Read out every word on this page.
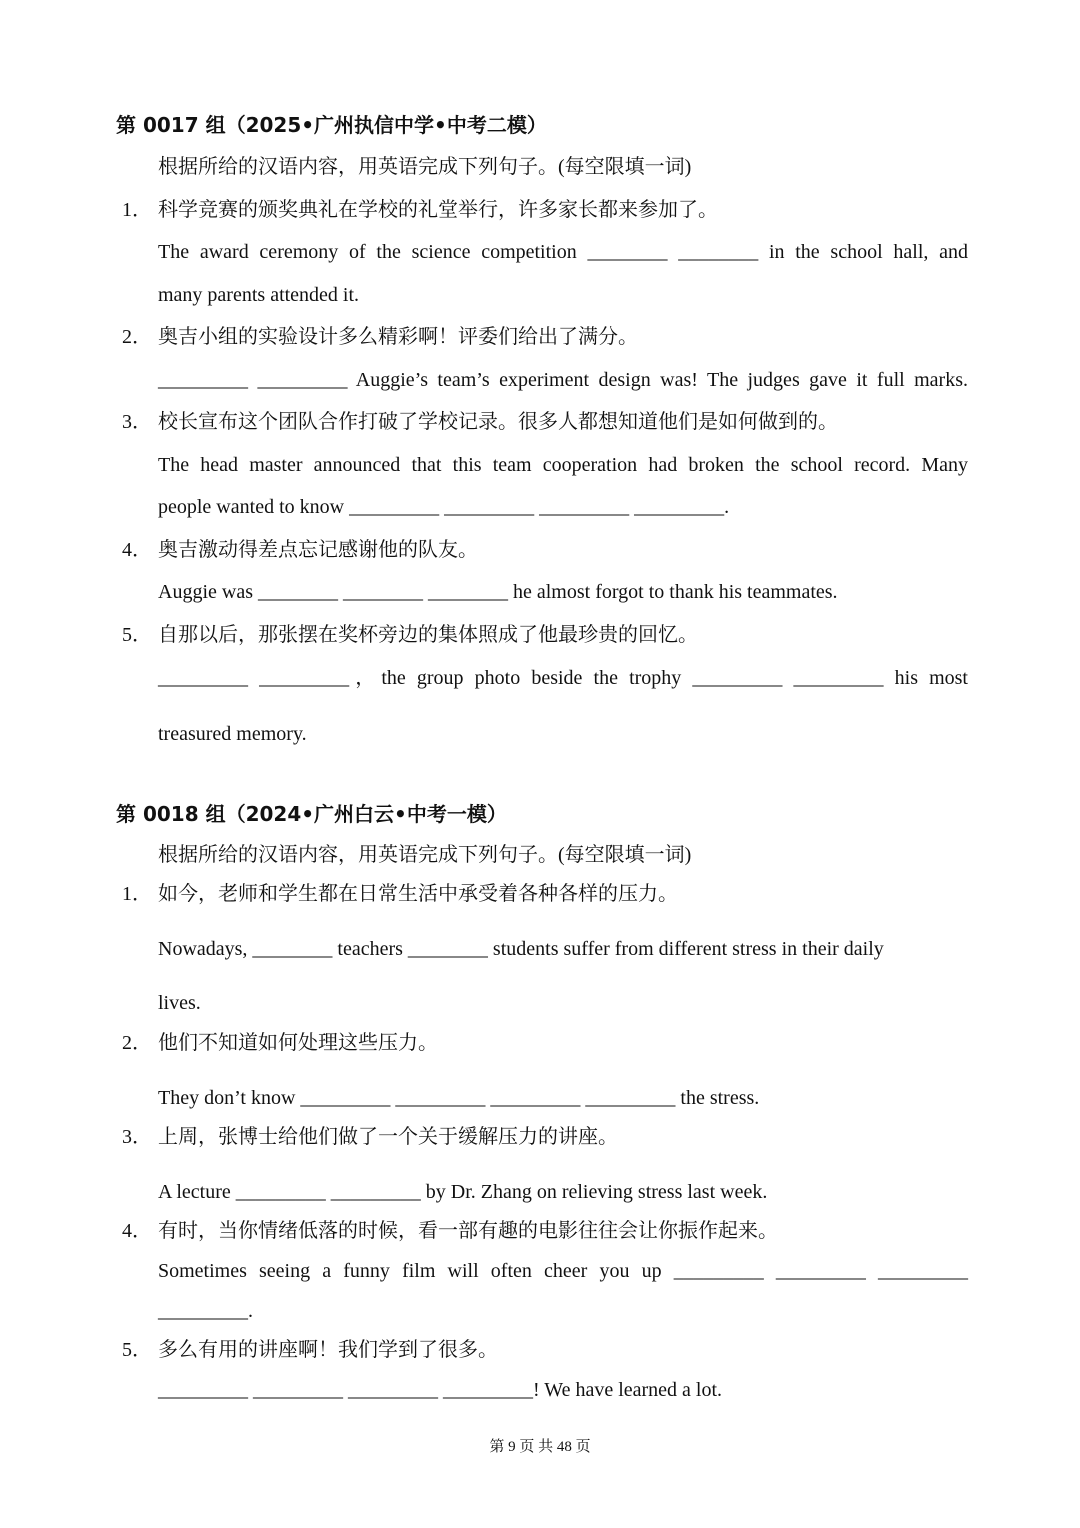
第 0017 组（2025•广州执信中学•中考二模）
根据所给的汉语内容，用英语完成下列句子。(每空限填一词)
1． 科学竞赛的颁奖典礼在学校的礼堂举行，许多家长都来参加了。
The award ceremony of the science competition ________ ________ in the school hall, and
many parents attended it.
2． 奥吉小组的实验设计多么精彩啊！评委们给出了满分。
_________ _________ Auggie’s team’s experiment design was! The judges gave it full marks.
3． 校长宣布这个团队合作打破了学校记录。很多人都想知道他们是如何做到的。
The head master announced that this team cooperation had broken the school record. Many
people wanted to know _________ _________ _________ _________.
4． 奥吉激动得差点忘记感谢他的队友。
Auggie was ________ ________ ________ he almost forgot to thank his teammates.
5． 自那以后，那张摆在奖杯旁边的集体照成了他最珍贵的回忆。
_________ _________，the group photo beside the trophy _________ _________ his most
treasured memory.
第 0018 组（2024•广州白云•中考一模）
根据所给的汉语内容，用英语完成下列句子。(每空限填一词)
1． 如今，老师和学生都在日常生活中承受着各种各样的压力。
Nowadays, ________ teachers ________ students suffer from different stress in their daily
lives.
2． 他们不知道如何处理这些压力。
They don’t know _________ _________ _________ _________ the stress.
3． 上周，张博士给他们做了一个关于缓解压力的讲座。
A lecture _________ _________ by Dr. Zhang on relieving stress last week.
4． 有时，当你情绪低落的时候，看一部有趣的电影往往会让你振作起来。
Sometimes seeing a funny film will often cheer you up _________ _________ _________
_________.
5． 多么有用的讲座啊！我们学到了很多。
_________ _________ _________ _________! We have learned a lot.
第 9 页 共 48 页
